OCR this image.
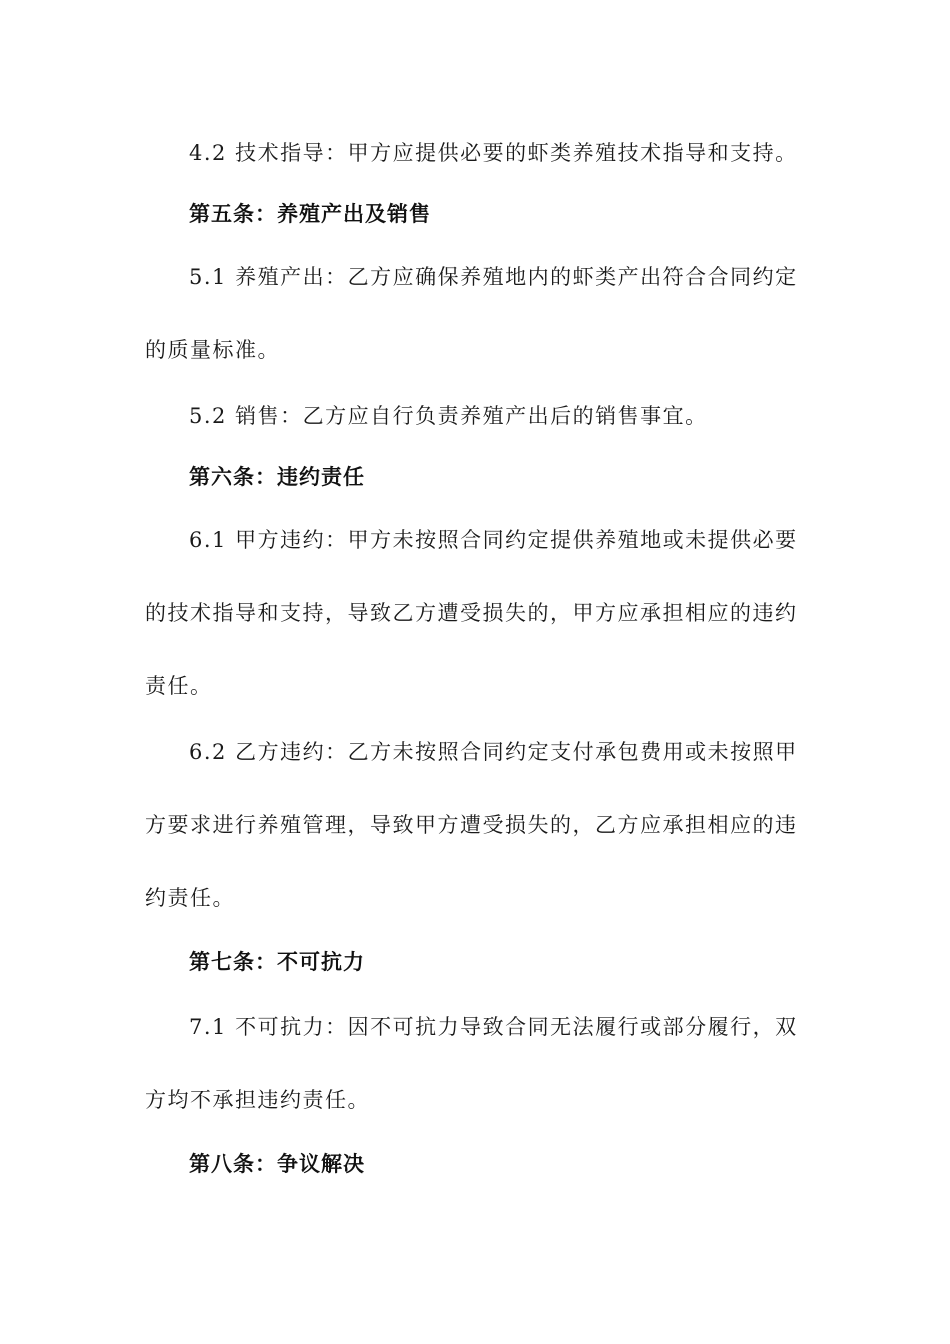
4.2 技术指导：甲方应提供必要的虾类养殖技术指导和支持。
第五条：养殖产出及销售
5.1 养殖产出：乙方应确保养殖地内的虾类产出符合合同约定
的质量标准。
5.2 销售：乙方应自行负责养殖产出后的销售事宜。
第六条：违约责任
6.1 甲方违约：甲方未按照合同约定提供养殖地或未提供必要
的技术指导和支持，导致乙方遭受损失的，甲方应承担相应的违约
责任。
6.2 乙方违约：乙方未按照合同约定支付承包费用或未按照甲
方要求进行养殖管理，导致甲方遭受损失的，乙方应承担相应的违
约责任。
第七条：不可抗力
7.1 不可抗力：因不可抗力导致合同无法履行或部分履行，双
方均不承担违约责任。
第八条：争议解决
